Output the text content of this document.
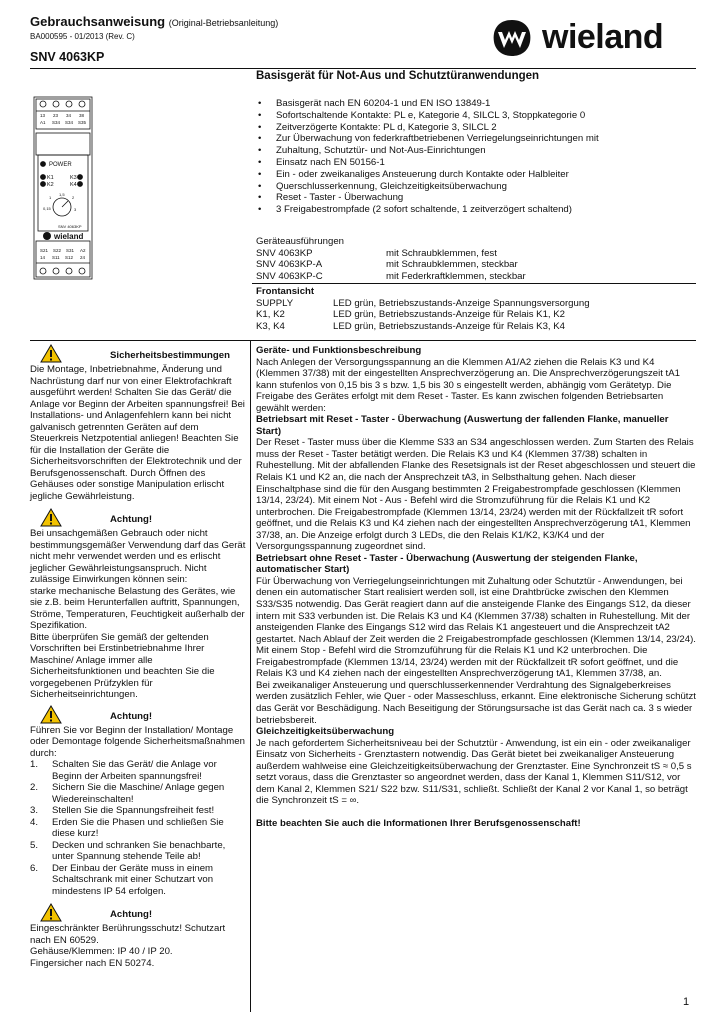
Gebrauchsanweisung (Original-Betriebsanleitung)
BA000595 - 01/2013 (Rev. C)
SNV 4063KP
wieland
13 23 34 38
A1 S34 S34 S35
POWER
K1
K2
K3
K4
0,15
1
1,5
2
3
SNV 4063KP
wieland
S21 S22 S31 A2
14 S11 S12 24
Basisgerät für Not-Aus und Schutztüranwendungen
• Basisgerät nach EN 60204-1 und EN ISO 13849-1
• Sofortschaltende Kontakte: PL e, Kategorie 4, SILCL 3, Stoppkategorie 0
• Zeitverzögerte Kontakte: PL d, Kategorie 3, SILCL 2
• Zur Überwachung von federkraftbetriebenen Verriegelungseinrichtungen mit
• Zuhaltung, Schutztür- und Not-Aus-Einrichtungen
• Einsatz nach EN 50156-1
• Ein - oder zweikanaliges Ansteuerung durch Kontakte oder Halbleiter
• Querschlusserkennung, Gleichzeitigkeitsüberwachung
• Reset - Taster - Überwachung
• 3 Freigabestrompfade (2 sofort schaltende, 1 zeitverzögert schaltend)
Geräteausführungen
SNV 4063KP	mit Schraubklemmen, fest
SNV 4063KP-A	mit Schraubklemmen, steckbar
SNV 4063KP-C	mit Federkraftklemmen, steckbar
Frontansicht
SUPPLY	LED grün, Betriebszustands-Anzeige Spannungsversorgung
K1, K2	LED grün, Betriebszustands-Anzeige für Relais K1, K2
K3, K4	LED grün, Betriebszustands-Anzeige für Relais K3, K4
Sicherheitsbestimmungen

Die Montage, Inbetriebnahme, Änderung und Nachrüstung darf nur von einer Elektrofachkraft ausgeführt werden! Schalten Sie das Gerät/ die Anlage vor Beginn der Arbeiten spannungsfrei! Bei Installations- und Anlagenfehlern kann bei nicht galvanisch getrennten Geräten auf dem Steuerkreis Netzpotential anliegen! Beachten Sie für die Installation der Geräte die Sicherheitsvorschriften der Elektrotechnik und der Berufsgenossenschaft. Durch Öffnen des Gehäuses oder sonstige Manipulation erlischt jegliche Gewährleistung.

Achtung!

Bei unsachgemäßen Gebrauch oder nicht bestimmungsgemäßer Verwendung darf das Gerät nicht mehr verwendet werden und es erlischt jeglicher Gewährleistungsanspruch. Nicht zulässige Einwirkungen können sein:

starke mechanische Belastung des Gerätes, wie sie z.B. beim Herunterfallen auftritt, Spannungen, Ströme, Temperaturen, Feuchtigkeit außerhalb der Spezifikation.

Bitte überprüfen Sie gemäß der geltenden Vorschriften bei Erstinbetriebnahme Ihrer Maschine/ Anlage immer alle Sicherheitsfunktionen und beachten Sie die vorgegebenen Prüfzyklen für Sicherheitseinrichtungen.

Achtung!

Führen Sie vor Beginn der Installation/ Montage oder Demontage folgende Sicherheitsmaßnahmen durch:

1. Schalten Sie das Gerät/ die Anlage vor Beginn der Arbeiten spannungsfrei!
2. Sichern Sie die Maschine/ Anlage gegen Wiedereinschalten!
3. Stellen Sie die Spannungsfreiheit fest!
4. Erden Sie die Phasen und schließen Sie diese kurz!
5. Decken und schranken Sie benachbarte, unter Spannung stehende Teile ab!
6. Der Einbau der Geräte muss in einem Schaltschrank mit einer Schutzart von mindestens IP 54 erfolgen.
Achtung!

Eingeschränkter Berührungsschutz! Schutzart nach EN 60529.

Gehäuse/Klemmen: IP 40 / IP 20.

Fingersicher nach EN 50274.

Geräte- und Funktionsbeschreibung

Nach Anlegen der Versorgungsspannung an die Klemmen A1/A2 ziehen die Relais K3 und K4 (Klemmen 37/38) mit der eingestellten Ansprechverzögerung an. Die Ansprechverzögerungszeit tA1 kann stufenlos von 0,15 bis 3 s bzw. 1,5 bis 30 s eingestellt werden, abhängig vom Gerätetyp. Die Freigabe des Gerätes erfolgt mit dem Reset - Taster. Es kann zwischen folgenden Betriebsarten gewählt werden:

Betriebsart mit Reset - Taster - Überwachung (Auswertung der fallenden Flanke, manueller Start)

Der Reset - Taster muss über die Klemme S33 an S34 angeschlossen werden. Zum Starten des Relais muss der Reset - Taster betätigt werden. Die Relais K3 und K4 (Klemmen 37/38) schalten in Ruhestellung. Mit der abfallenden Flanke des Resetsignals ist der Reset abgeschlossen und steuert die Relais K1 und K2 an, die nach der Ansprechzeit tA3, in Selbsthaltung gehen. Nach dieser Einschaltphase sind die für den Ausgang bestimmten 2 Freigabestrompfade geschlossen (Klemmen 13/14, 23/24). Mit einem Not - Aus - Befehl wird die Stromzuführung für die Relais K1 und K2 unterbrochen. Die Freigabestrompfade (Klemmen 13/14, 23/24) werden mit der Rückfallzeit tR sofort geöffnet, und die Relais K3 und K4 ziehen nach der eingestellten Ansprechverzögerung tA1, Klemmen 37/38, an. Die Anzeige erfolgt durch 3 LEDs, die den Relais K1/K2, K3/K4 und der Versorgungsspannung zugeordnet sind.

Betriebsart ohne Reset - Taster - Überwachung (Auswertung der steigenden Flanke, automatischer Start)

Für Überwachung von Verriegelungseinrichtungen mit Zuhaltung oder Schutztür - Anwendungen, bei denen ein automatischer Start realisiert werden soll, ist eine Drahtbrücke zwischen den Klemmen S33/S35 notwendig. Das Gerät reagiert dann auf die ansteigende Flanke des Eingangs S12, da dieser intern mit S33 verbunden ist. Die Relais K3 und K4 (Klemmen 37/38) schalten in Ruhestellung. Mit der ansteigenden Flanke des Eingangs S12 wird das Relais K1 angesteuert und die Ansprechzeit tA2 gestartet. Nach Ablauf der Zeit werden die 2 Freigabestrompfade geschlossen (Klemmen 13/14, 23/24). Mit einem Stop - Befehl wird die Stromzuführung für die Relais K1 und K2 unterbrochen. Die Freigabestrompfade (Klemmen 13/14, 23/24) werden mit der Rückfallzeit tR sofort geöffnet, und die Relais K3 und K4 ziehen nach der eingestellten Ansprechverzögerung tA1, Klemmen 37/38, an.

Bei zweikanaliger Ansteuerung und querschlusserkennender Verdrahtung des Signalgeberkreises werden zusätzlich Fehler, wie Quer - oder Masseschluss, erkannt. Eine elektronische Sicherung schützt das Gerät vor Beschädigung. Nach Beseitigung der Störungsursache ist das Gerät nach ca. 3 s wieder betriebsbereit.

Gleichzeitigkeitsüberwachung

Je nach gefordertem Sicherheitsniveau bei der Schutztür - Anwendung, ist ein ein - oder zweikanaliger Einsatz von Sicherheits - Grenztastern notwendig. Das Gerät bietet bei zweikanaliger Ansteuerung außerdem wahlweise eine Gleichzeitigkeitsüberwachung der Grenztaster. Eine Synchronzeit tS ≈ 0,5 s setzt voraus, dass die Grenztaster so angeordnet werden, dass der Kanal 1, Klemmen S11/S12, vor dem Kanal 2, Klemmen S21/ S22 bzw. S11/S31, schließt. Schließt der Kanal 2 vor Kanal 1, so beträgt die Synchronzeit tS = ∞.

Bitte beachten Sie auch die Informationen Ihrer Berufsgenossenschaft!

1
